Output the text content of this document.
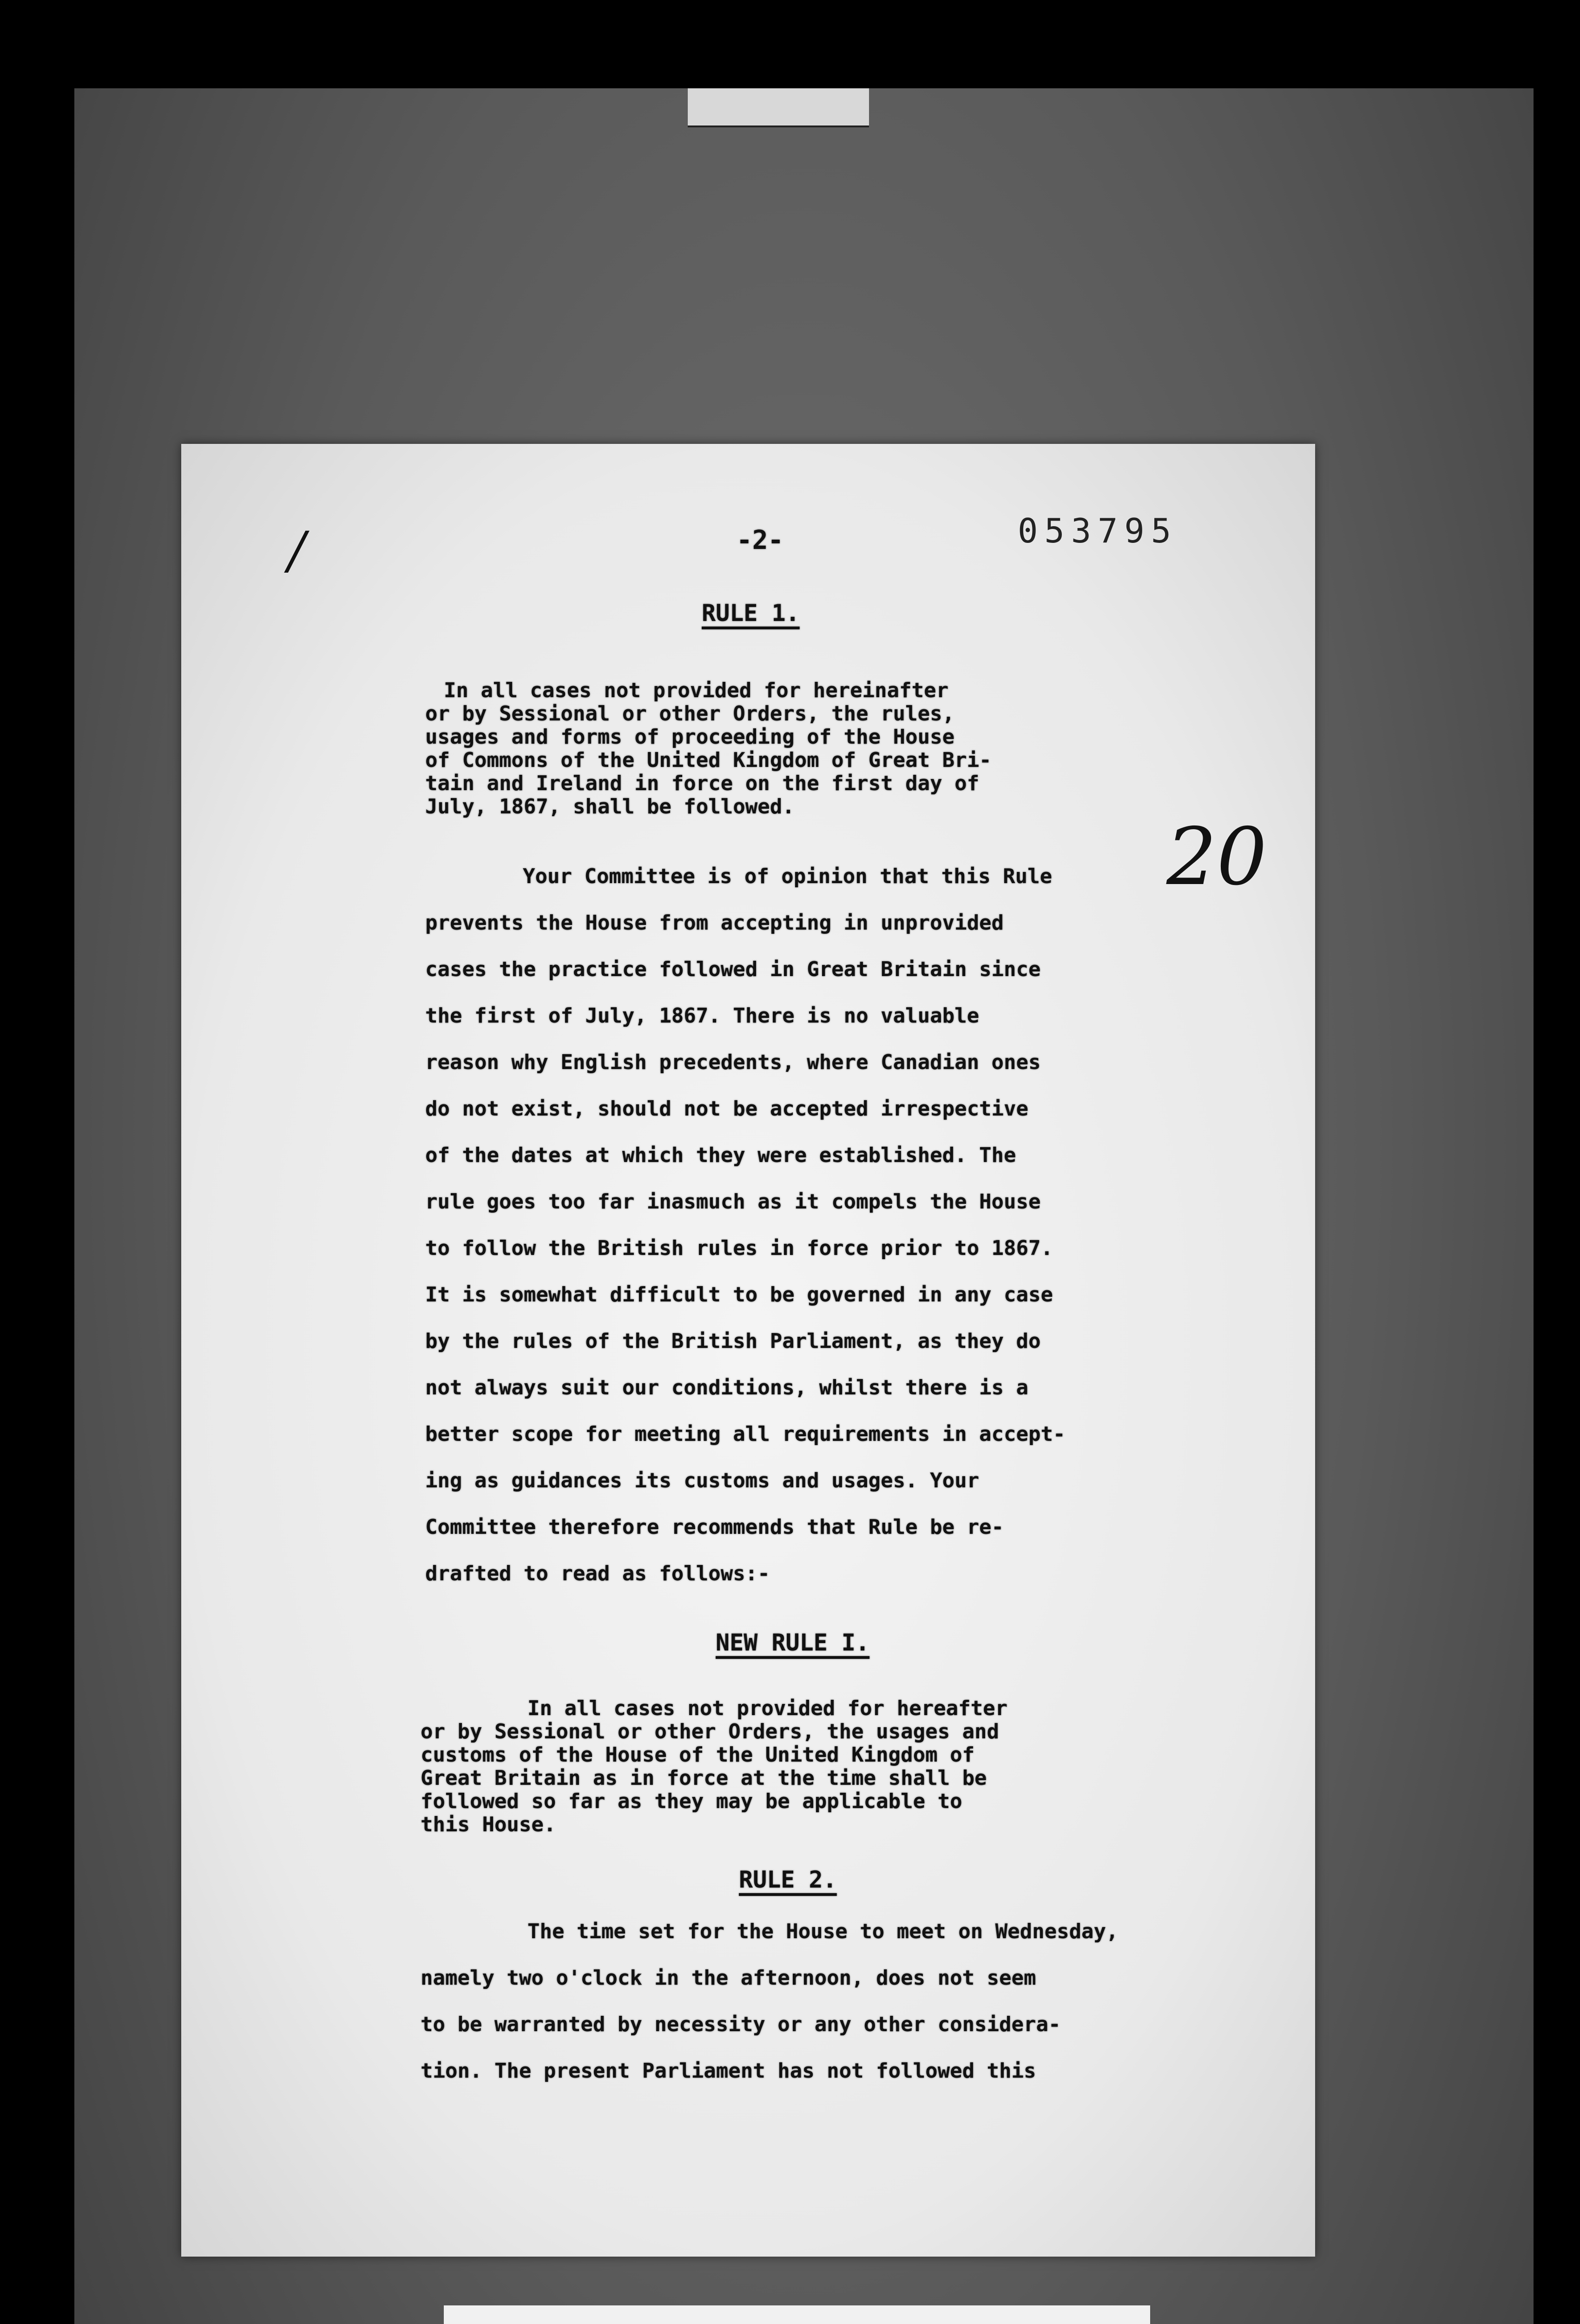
/	-2-	053795
20
RULE 1.
In all cases not provided for hereinafter
or by Sessional or other Orders, the rules,
usages and forms of proceeding of the House
of Commons of the United Kingdom of Great Bri-
tain and Ireland in force on the first day of
July, 1867, shall be followed.
Your Committee is of opinion that this Rule
prevents the House from accepting in unprovided
cases the practice followed in Great Britain since
the first of July, 1867. There is no valuable
reason why English precedents, where Canadian ones
do not exist, should not be accepted irrespective
of the dates at which they were established. The
rule goes too far inasmuch as it compels the House
to follow the British rules in force prior to 1867.
It is somewhat difficult to be governed in any case
by the rules of the British Parliament, as they do
not always suit our conditions, whilst there is a
better scope for meeting all requirements in accept-
ing as guidances its customs and usages. Your
Committee therefore recommends that Rule be re-
drafted to read as follows:-
NEW RULE I.
In all cases not provided for hereafter
or by Sessional or other Orders, the usages and
customs of the House of the United Kingdom of
Great Britain as in force at the time shall be
followed so far as they may be applicable to
this House.
RULE 2.
The time set for the House to meet on Wednesday,
namely two o'clock in the afternoon, does not seem
to be warranted by necessity or any other considera-
tion. The present Parliament has not followed this
